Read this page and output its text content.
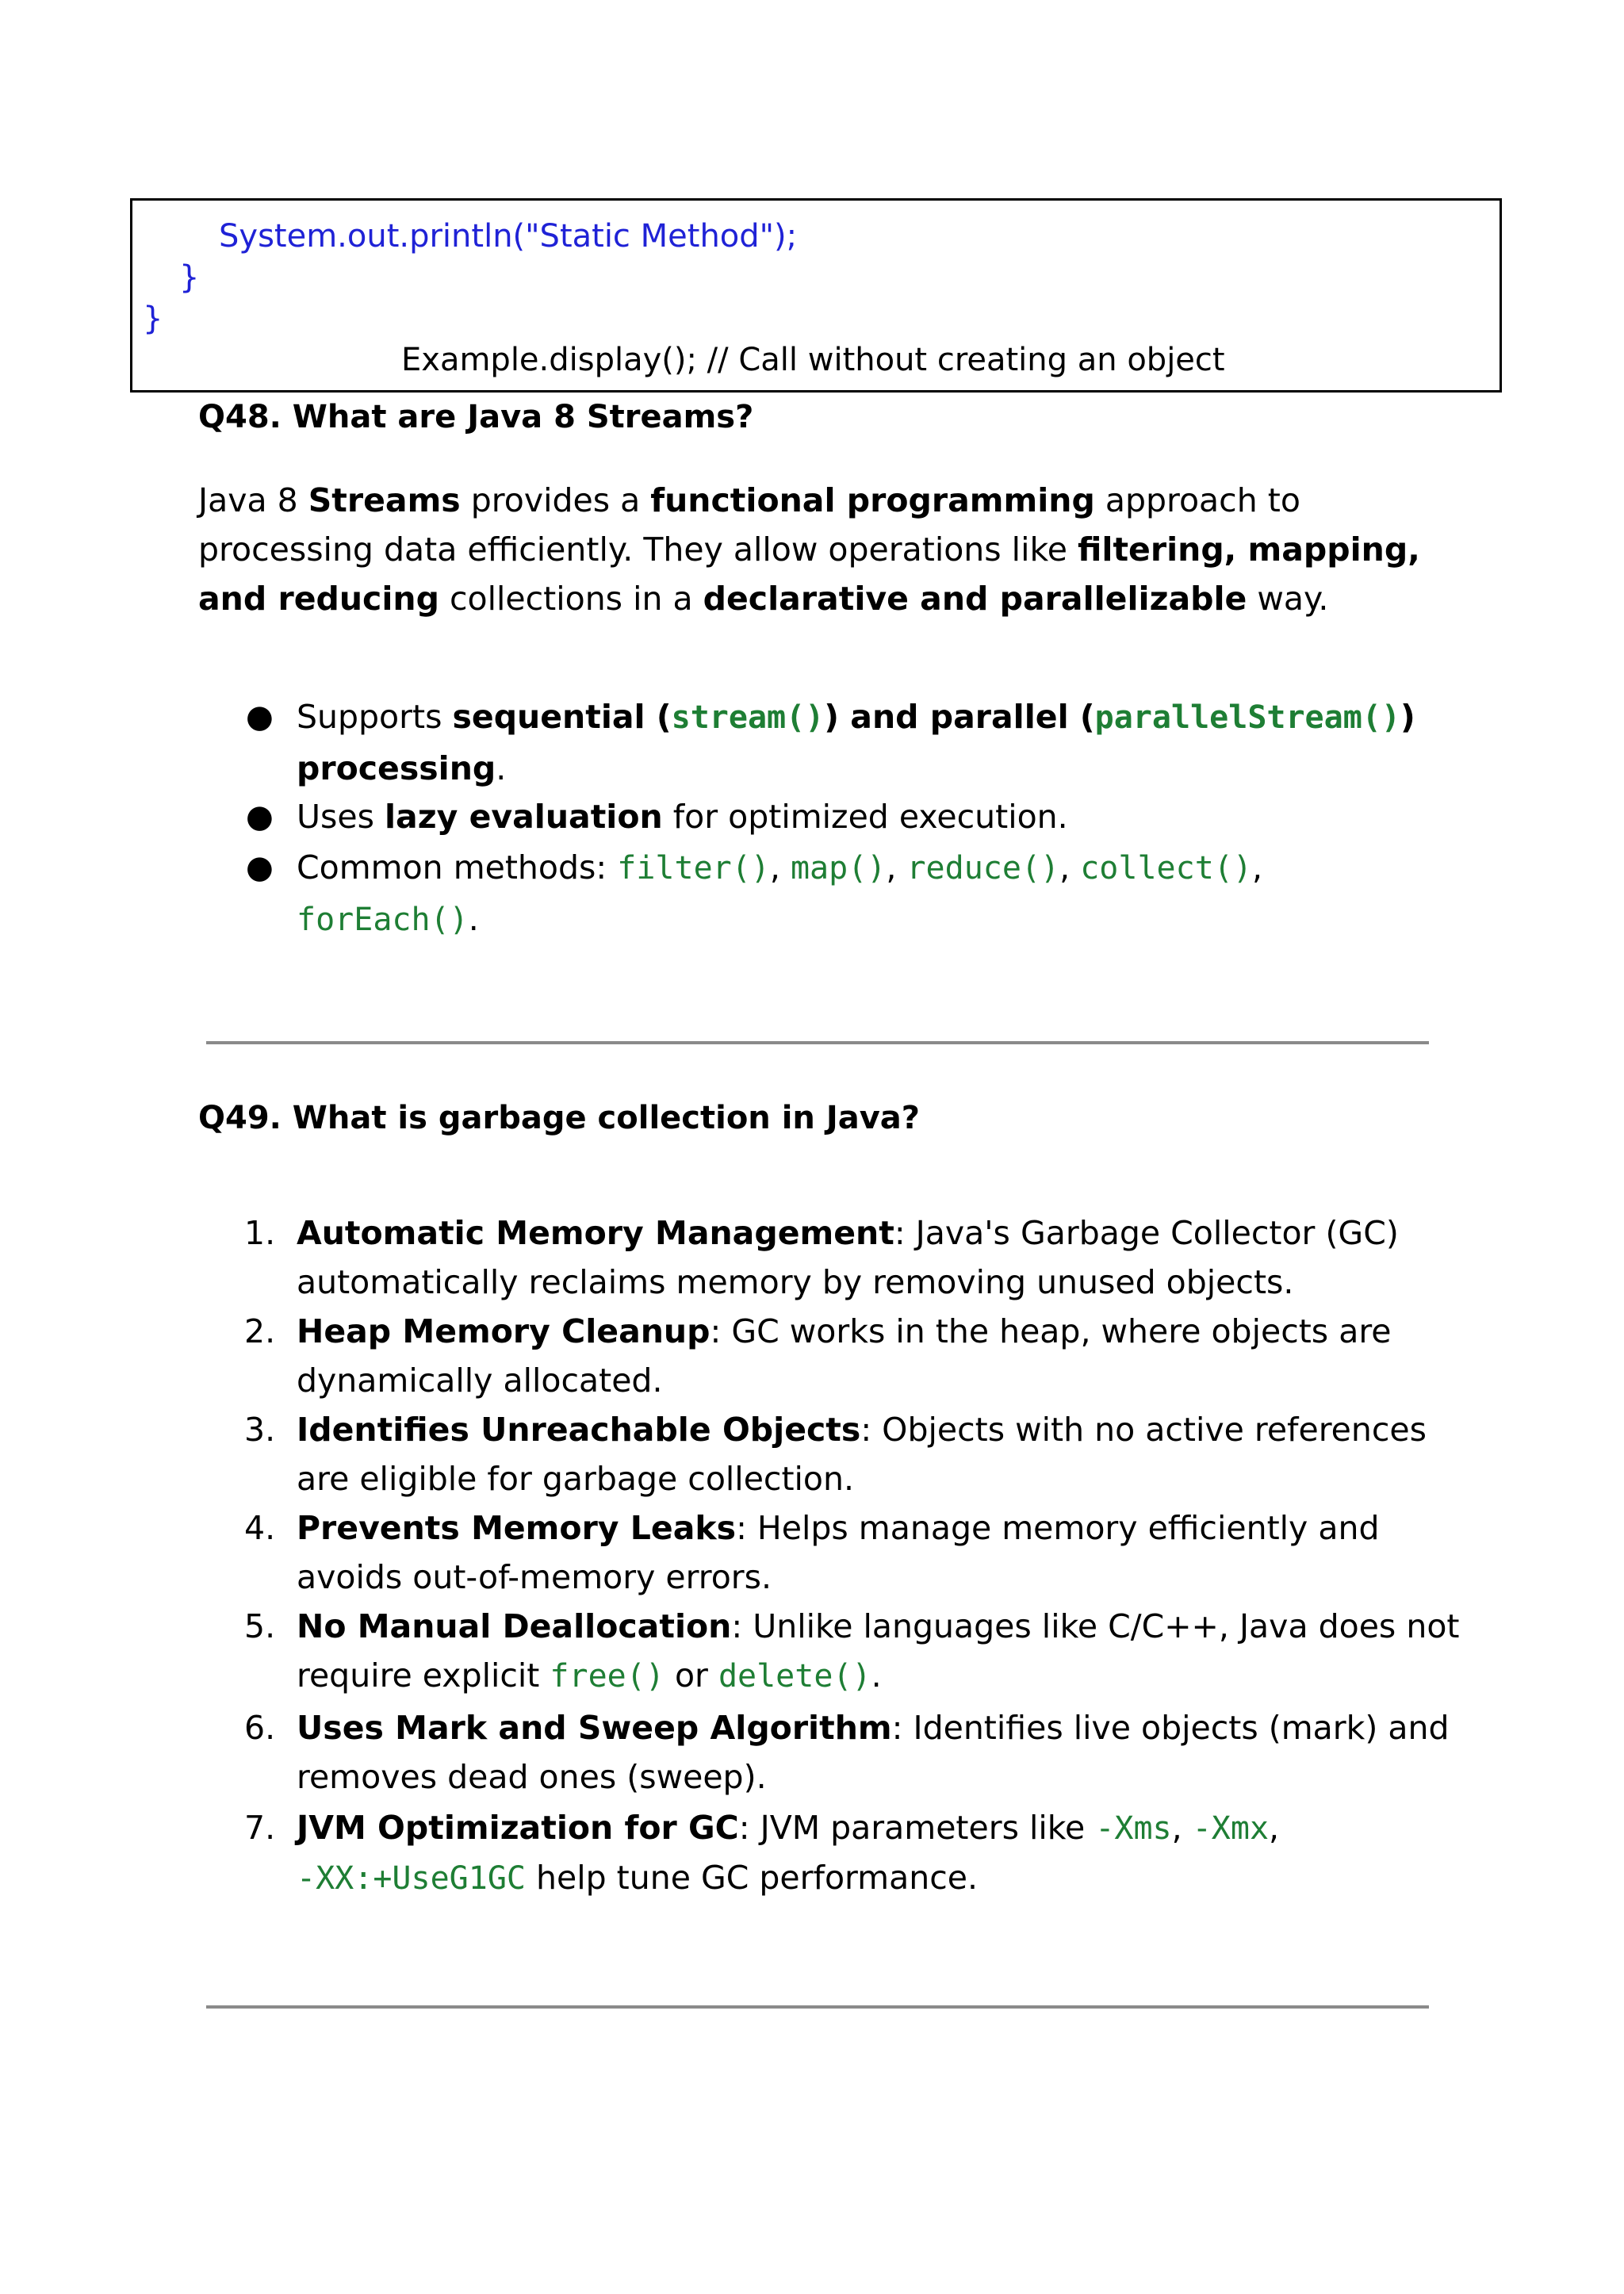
System.out.println("Static Method");
}
}
Example.display(); // Call without creating an object
Q48. What are Java 8 Streams?
Java 8 Streams provides a functional programming approach to processing data efficiently. They allow operations like filtering, mapping, and reducing collections in a declarative and parallelizable way.
● Supports sequential (stream()) and parallel (parallelStream())
processing.
● Uses lazy evaluation for optimized execution.
● Common methods: filter(), map(), reduce(), collect(),
forEach().
Q49. What is garbage collection in Java?
1. Automatic Memory Management: Java's Garbage Collector (GC) automatically reclaims memory by removing unused objects.
2. Heap Memory Cleanup: GC works in the heap, where objects are dynamically allocated.
3. Identifies Unreachable Objects: Objects with no active references are eligible for garbage collection.
4. Prevents Memory Leaks: Helps manage memory efficiently and avoids out-of-memory errors.
5. No Manual Deallocation: Unlike languages like C/C++, Java does not require explicit free() or delete().
6. Uses Mark and Sweep Algorithm: Identifies live objects (mark) and removes dead ones (sweep).
7. JVM Optimization for GC: JVM parameters like -Xms, -Xmx,
-XX:+UseG1GC help tune GC performance.
